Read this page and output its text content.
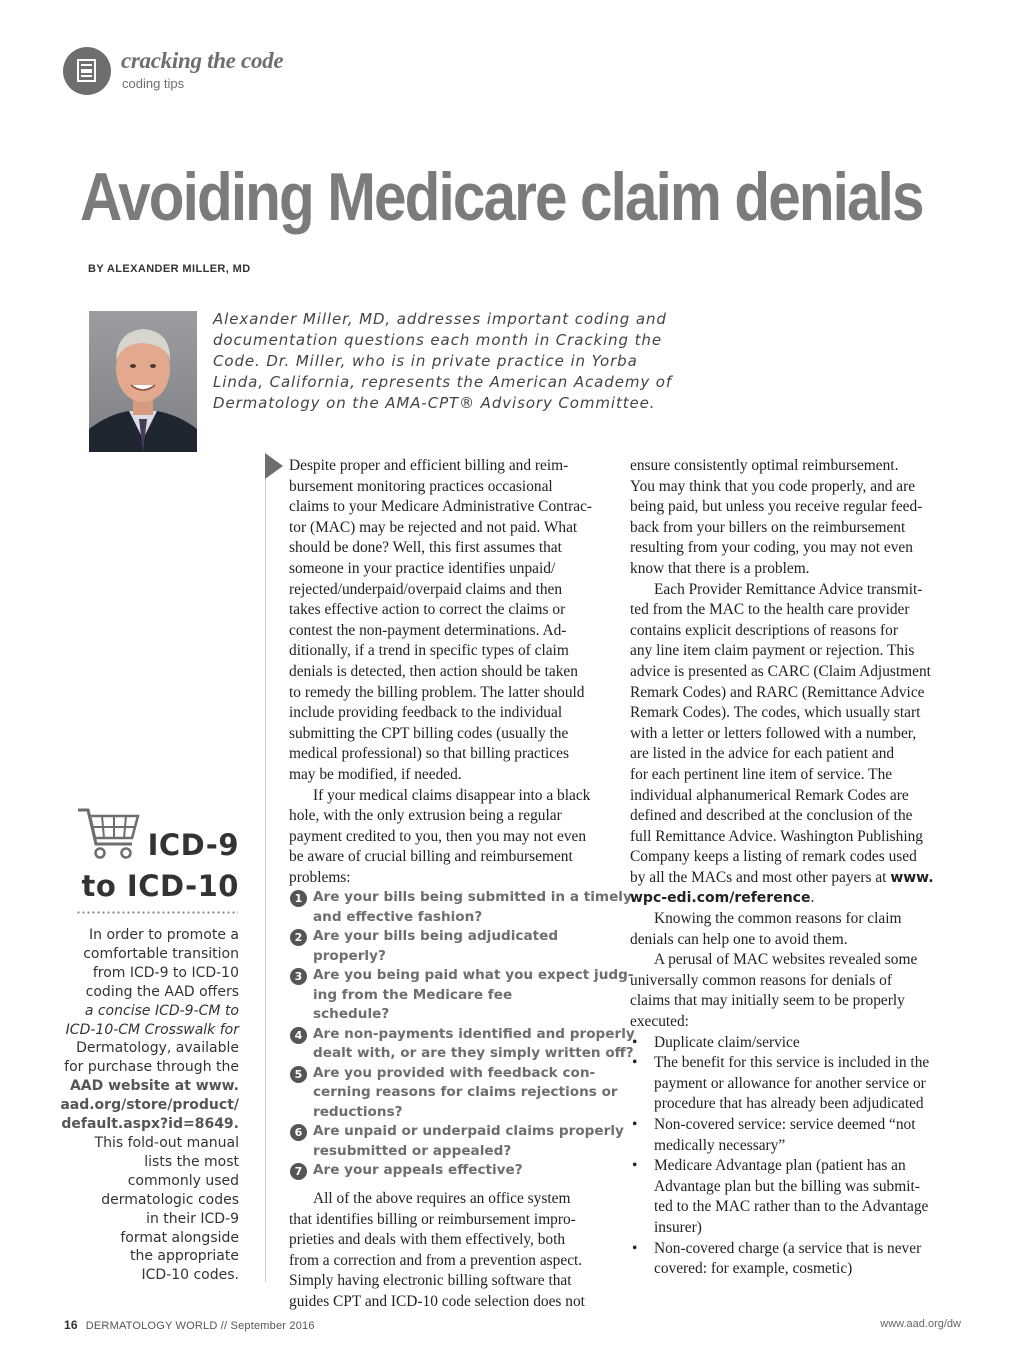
cracking the code
coding tips
Avoiding Medicare claim denials
BY ALEXANDER MILLER, MD
Alexander Miller, MD, addresses important coding and
documentation questions each month in Cracking the
Code. Dr. Miller, who is in private practice in Yorba
Linda, California, represents the American Academy of
Dermatology on the AMA-CPT® Advisory Committee.
ICD-9
to ICD-10
In order to promote a
comfortable transition
from ICD-9 to ICD-10
coding the AAD offers
a concise ICD-9-CM to
ICD-10-CM Crosswalk for
Dermatology, available
for purchase through the
AAD website at www.
aad.org/store/product/
default.aspx?id=8649.
This fold-out manual
lists the most
commonly used
dermatologic codes
in their ICD-9
format alongside
the appropriate
ICD-10 codes.
Despite proper and efficient billing and reim-
bursement monitoring practices occasional
claims to your Medicare Administrative Contrac-
tor (MAC) may be rejected and not paid. What
should be done? Well, this first assumes that
someone in your practice identifies unpaid/
rejected/underpaid/overpaid claims and then
takes effective action to correct the claims or
contest the non-payment determinations. Ad-
ditionally, if a trend in specific types of claim
denials is detected, then action should be taken
to remedy the billing problem. The latter should
include providing feedback to the individual
submitting the CPT billing codes (usually the
medical professional) so that billing practices
may be modified, if needed.
If your medical claims disappear into a black
hole, with the only extrusion being a regular
payment credited to you, then you may not even
be aware of crucial billing and reimbursement
problems:
1 Are your bills being submitted in a timely
and effective fashion?
2 Are your bills being adjudicated
properly?
3 Are you being paid what you expect judg-
ing from the Medicare fee
schedule?
4 Are non-payments identified and properly
dealt with, or are they simply written off?
5 Are you provided with feedback con-
cerning reasons for claims rejections or
reductions?
6 Are unpaid or underpaid claims properly
resubmitted or appealed?
7 Are your appeals effective?
All of the above requires an office system
that identifies billing or reimbursement impro-
prieties and deals with them effectively, both
from a correction and from a prevention aspect.
Simply having electronic billing software that
guides CPT and ICD-10 code selection does not
ensure consistently optimal reimbursement.
You may think that you code properly, and are
being paid, but unless you receive regular feed-
back from your billers on the reimbursement
resulting from your coding, you may not even
know that there is a problem.
Each Provider Remittance Advice transmit-
ted from the MAC to the health care provider
contains explicit descriptions of reasons for
any line item claim payment or rejection. This
advice is presented as CARC (Claim Adjustment
Remark Codes) and RARC (Remittance Advice
Remark Codes). The codes, which usually start
with a letter or letters followed with a number,
are listed in the advice for each patient and
for each pertinent line item of service. The
individual alphanumerical Remark Codes are
defined and described at the conclusion of the
full Remittance Advice. Washington Publishing
Company keeps a listing of remark codes used
by all the MACs and most other payers at www.
wpc-edi.com/reference.
Knowing the common reasons for claim
denials can help one to avoid them.
A perusal of MAC websites revealed some
universally common reasons for denials of
claims that may initially seem to be properly
executed:
• Duplicate claim/service
• The benefit for this service is included in the
payment or allowance for another service or
procedure that has already been adjudicated
• Non-covered service: service deemed “not
medically necessary”
• Medicare Advantage plan (patient has an
Advantage plan but the billing was submit-
ted to the MAC rather than to the Advantage
insurer)
• Non-covered charge (a service that is never
covered: for example, cosmetic)
16 DERMATOLOGY WORLD // September 2016	www.aad.org/dw
